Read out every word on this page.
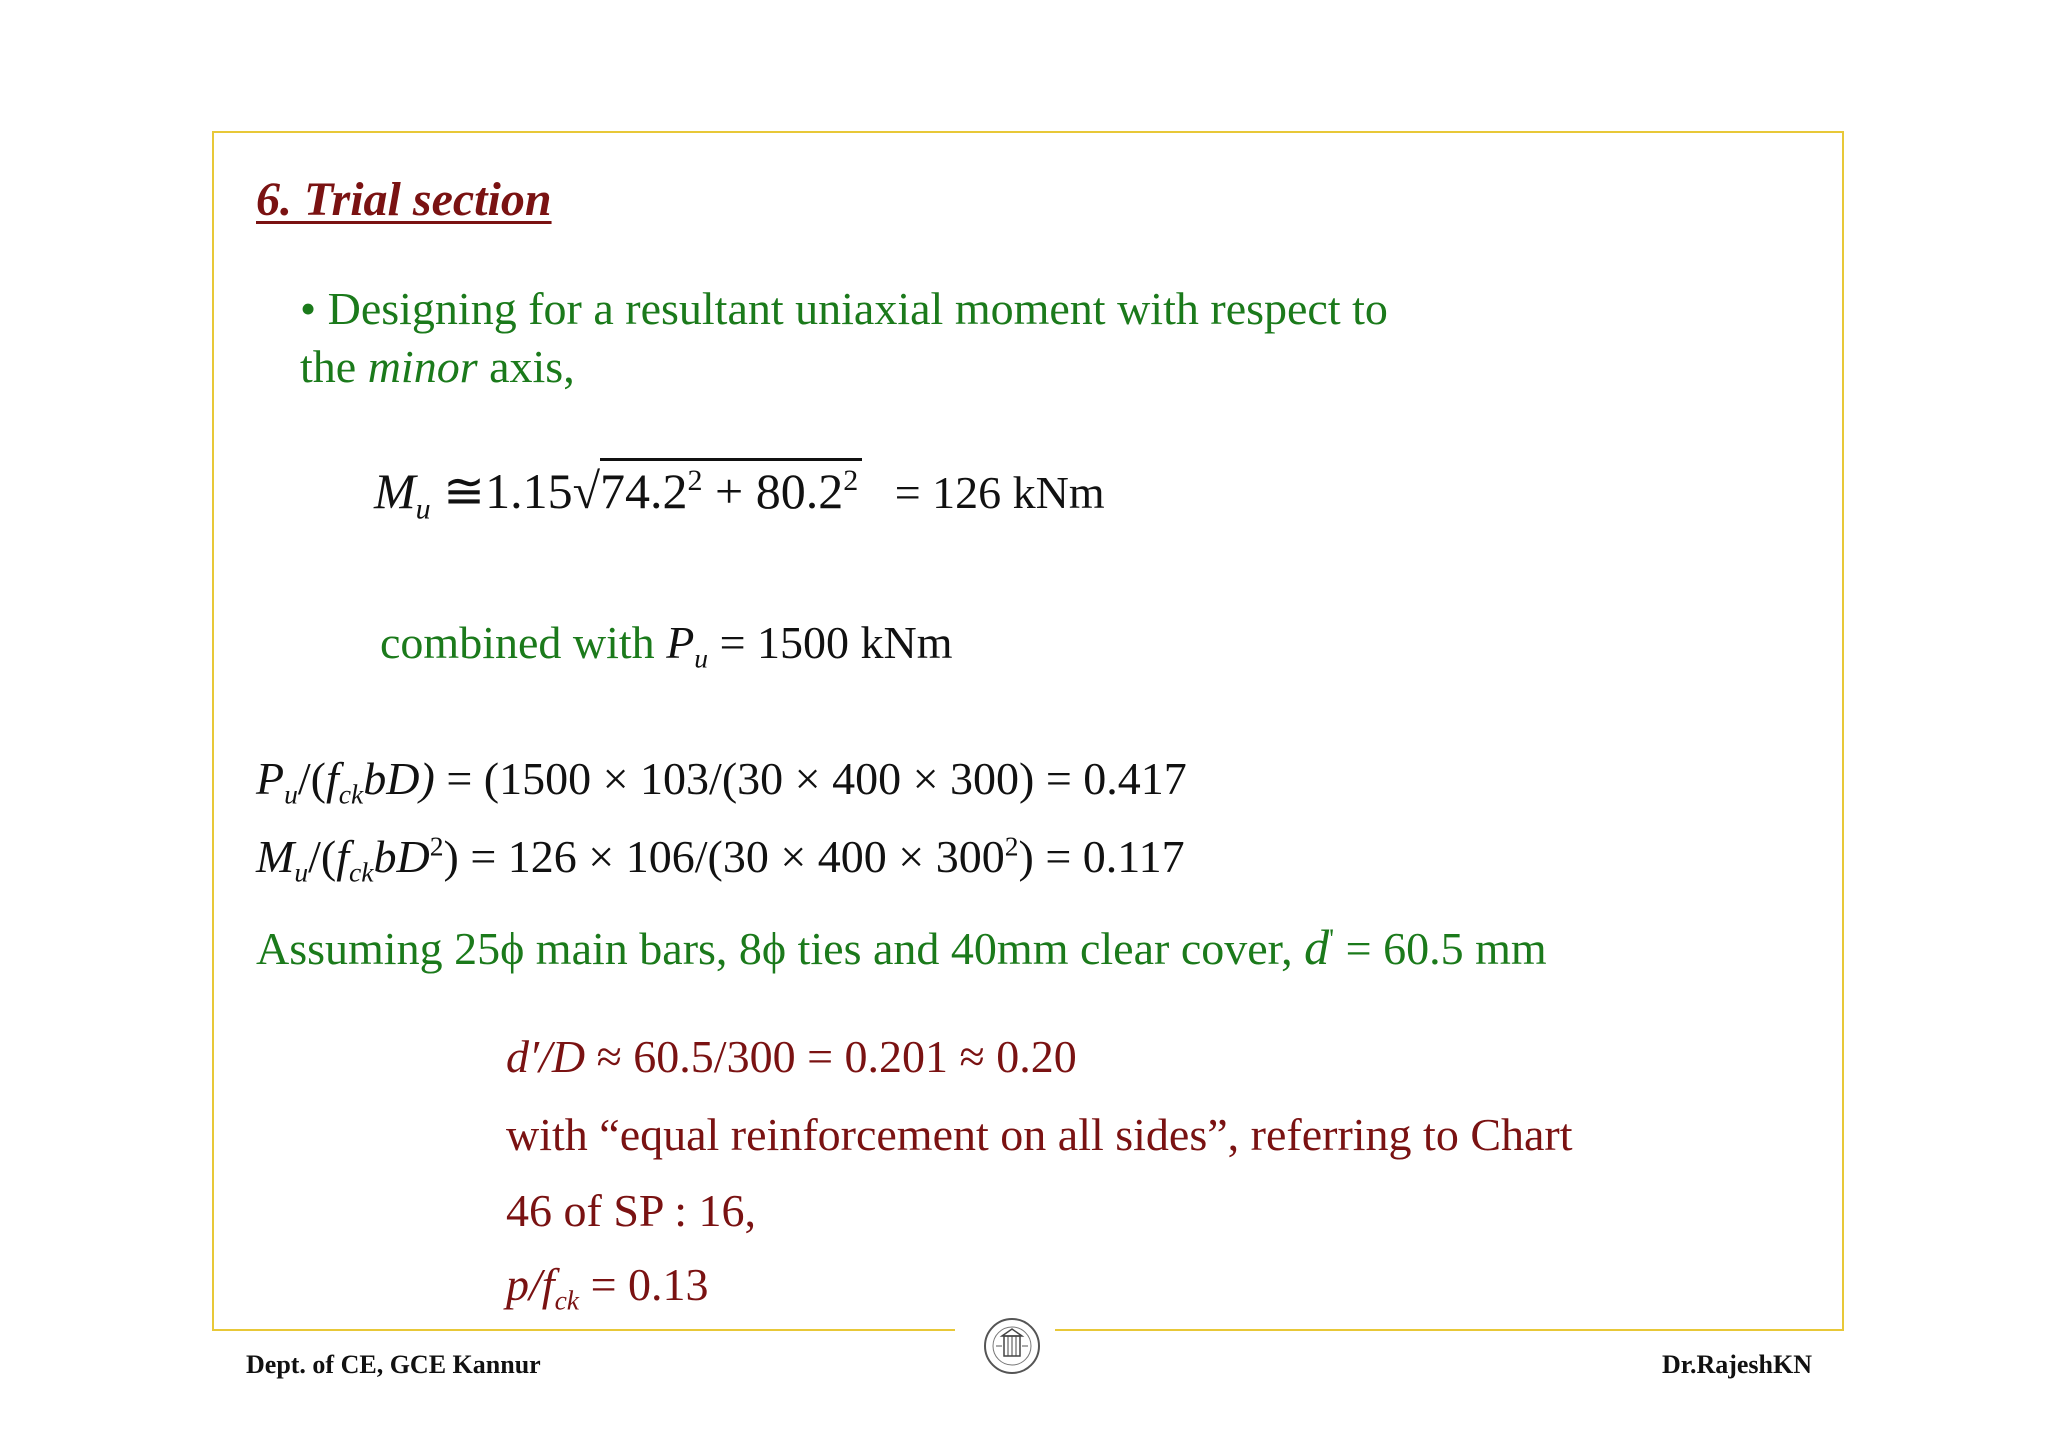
6. Trial section
• Designing for a resultant uniaxial moment with respect to
the minor axis,
$M_u$ $≅1.15√74.2^2 + 80.2^2 = 126$ kNm
combined with $P_u = 1500$ kNm
$P_u/(f_{ck}bD) = (1500 \times 103/(30 \times 400 \times 300) = 0.417$
$M_u/(f_{ck}bD^2) = 126 \times 106/(30 \times 400 \times 300^2) = 0.117$
Assuming 25ϕ main bars, 8ϕ ties and 40mm clear cover, d' = 60.5 mm
d′/D ≈ 60.5/300 = 0.201 ≈ 0.20
with “equal reinforcement on all sides”, referring to Chart
46 of SP : 16,
$p/f_{ck} = 0.13$
Dept. of CE, GCE Kannur	Dr.RajeshKN
